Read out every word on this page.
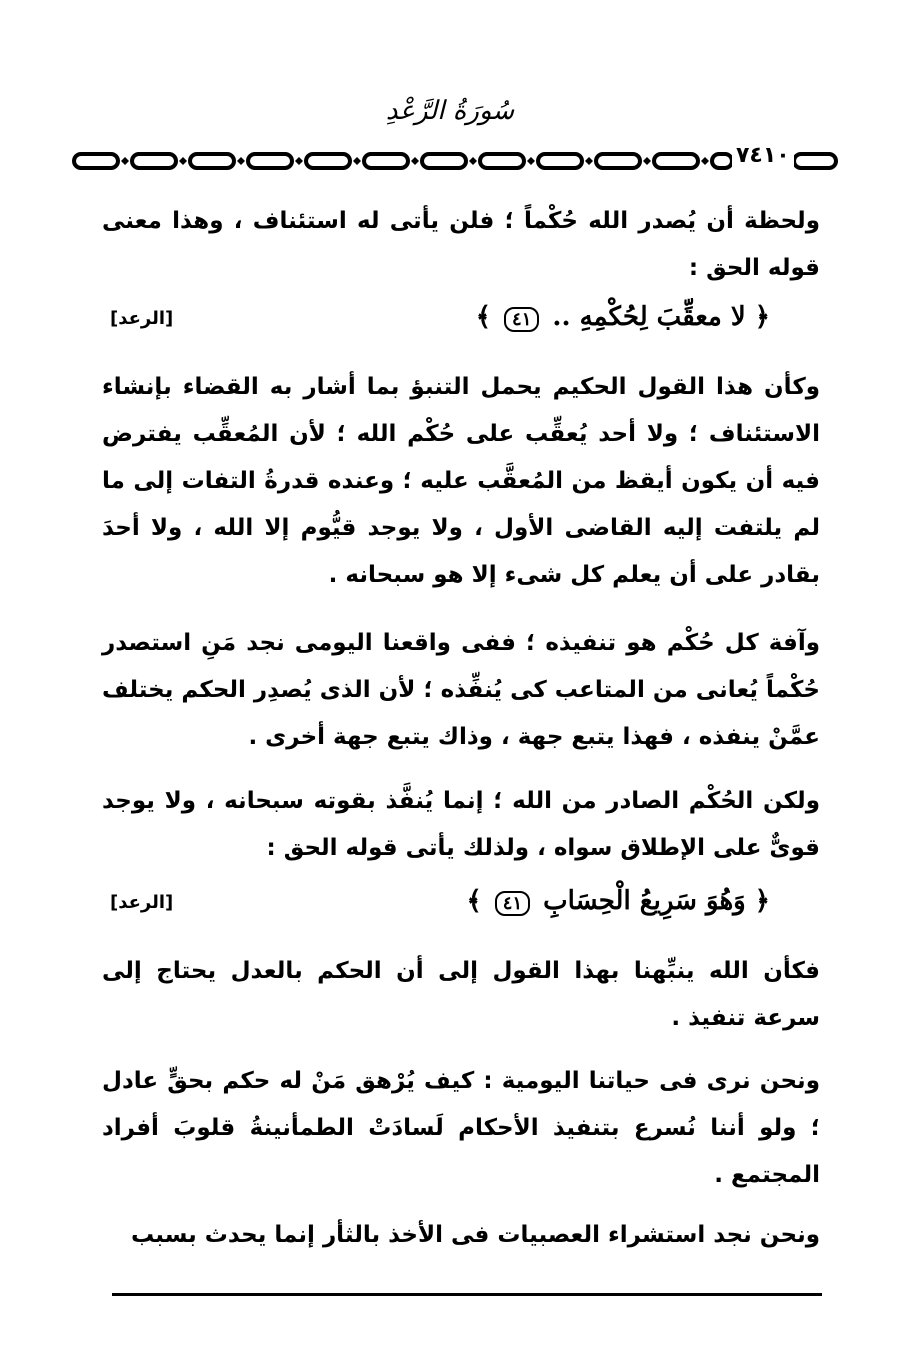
سُورَةُ الرَّعْدِ
٧٤١٠

ولحظة أن يُصدر الله حُكْماً ؛ فلن يأتى له استئناف ، وهذا معنى قوله الحق :

﴿ لا معقِّبَ لِحُكْمِهِ .. ٤١ ﴾
[الرعد]

وكأن هذا القول الحكيم يحمل التنبؤ بما أشار به القضاء بإنشاء الاستئناف ؛ ولا أحد يُعقِّب على حُكْم الله ؛ لأن المُعقِّب يفترض فيه أن يكون أيقظ من المُعقَّب عليه ؛ وعنده قدرةُ التفات إلى ما لم يلتفت إليه القاضى الأول ، ولا يوجد قيُّوم إلا الله ، ولا أحدَ بقادر على أن يعلم كل شىء إلا هو سبحانه .

وآفة كل حُكْم هو تنفيذه ؛ ففى واقعنا اليومى نجد مَنِ استصدر حُكْماً يُعانى من المتاعب كى يُنفِّذه ؛ لأن الذى يُصدِر الحكم يختلف عمَّنْ ينفذه ، فهذا يتبع جهة ، وذاك يتبع جهة أخرى .

ولكن الحُكْم الصادر من الله ؛ إنما يُنفَّذ بقوته سبحانه ، ولا يوجد قوىٌّ على الإطلاق سواه ، ولذلك يأتى قوله الحق :

﴿ وَهُوَ سَرِيعُ الْحِسَابِ ٤١ ﴾
[الرعد]

فكأن الله ينبِّهنا بهذا القول إلى أن الحكم بالعدل يحتاج إلى سرعة تنفيذ .

ونحن نرى فى حياتنا اليومية : كيف يُرْهق مَنْ له حكم بحقٍّ عادل ؛ ولو أننا نُسرع بتنفيذ الأحكام لَسادَتْ الطمأنينةُ قلوبَ أفراد المجتمع .

ونحن نجد استشراء العصبيات فى الأخذ بالثأر إنما يحدث بسبب
